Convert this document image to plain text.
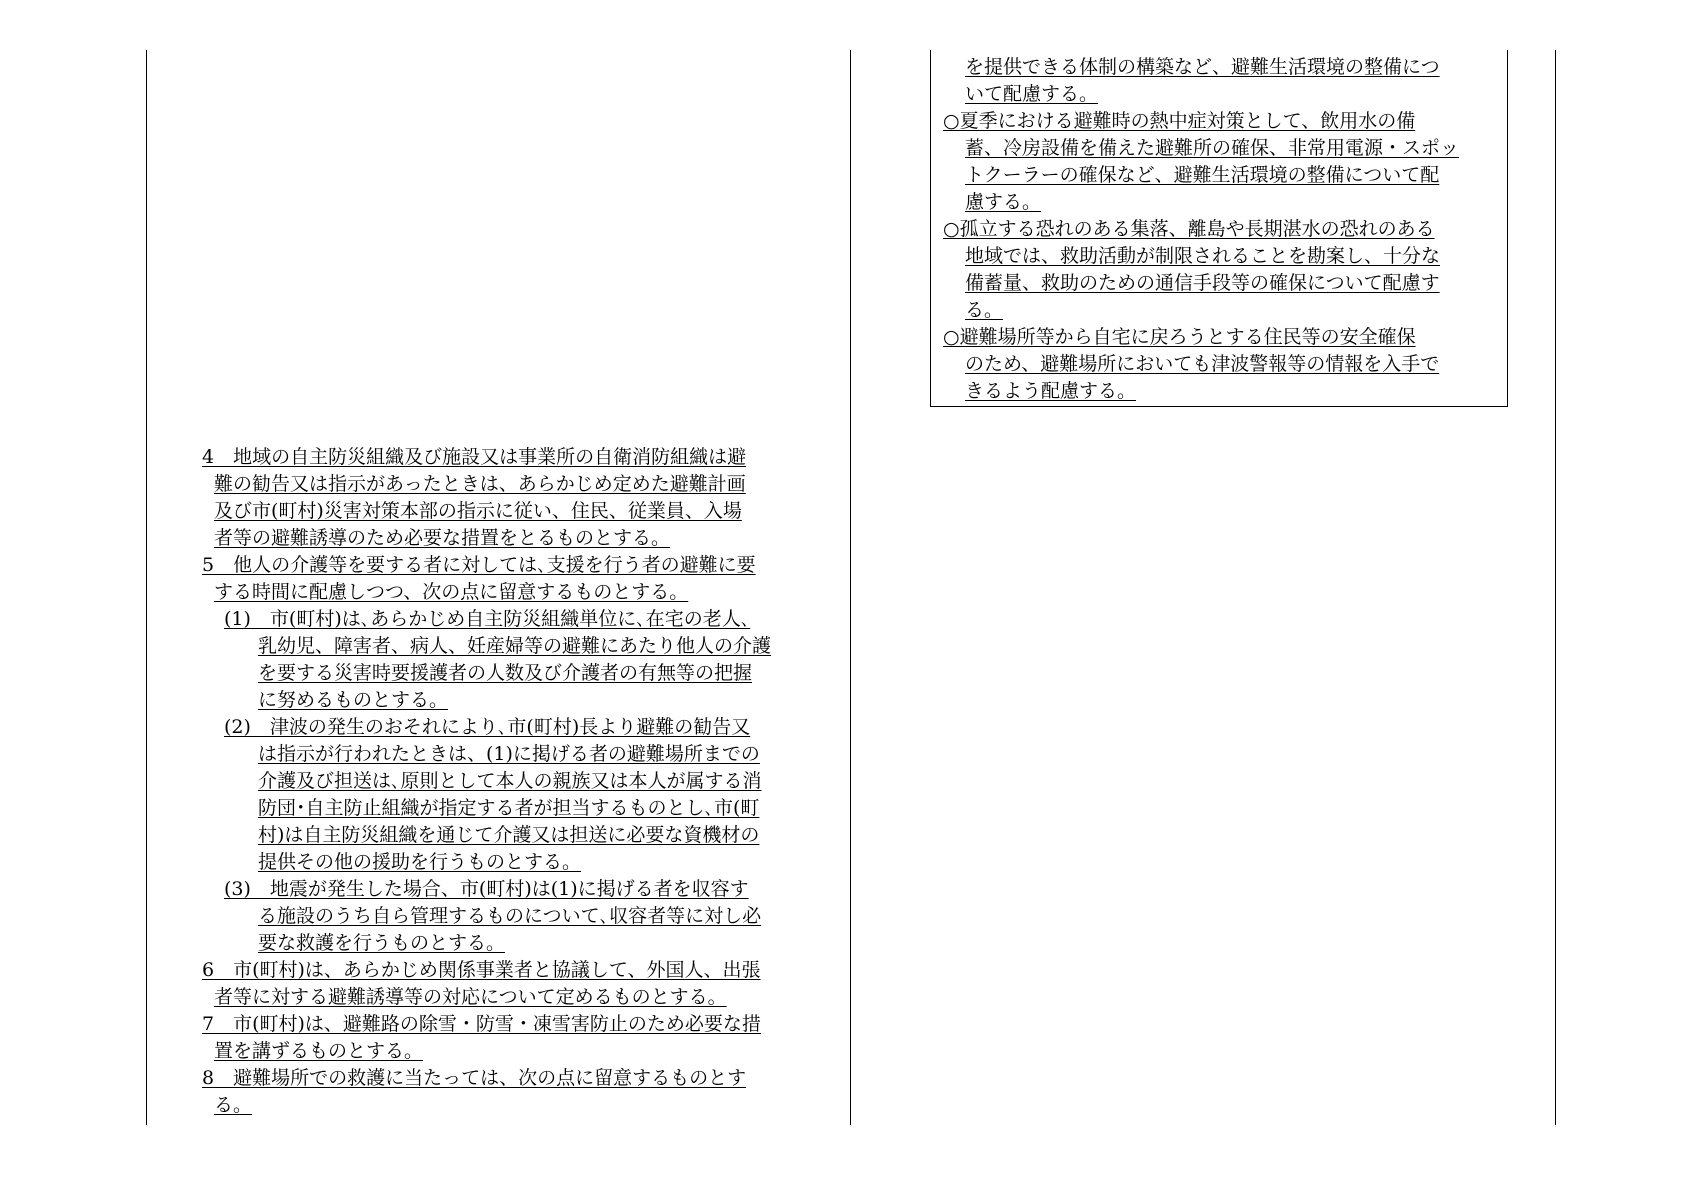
を提供できる体制の構築など、避難生活環境の整備につ
いて配慮する。
○夏季における避難時の熱中症対策として、飲用水の備
蓄、冷房設備を備えた避難所の確保、非常用電源・スポッ
トクーラーの確保など、避難生活環境の整備について配
慮する。
○孤立する恐れのある集落、離島や長期湛水の恐れのある
地域では、救助活動が制限されることを勘案し、十分な
備蓄量、救助のための通信手段等の確保について配慮す
る。
○避難場所等から自宅に戻ろうとする住民等の安全確保
のため、避難場所においても津波警報等の情報を入手で
きるよう配慮する。
4　地域の自主防災組織及び施設又は事業所の自衛消防組織は避
難の勧告又は指示があったときは、あらかじめ定めた避難計画
及び市(町村)災害対策本部の指示に従い、住民、従業員、入場
者等の避難誘導のため必要な措置をとるものとする。
5　他人の介護等を要する者に対しては､支援を行う者の避難に要
する時間に配慮しつつ、次の点に留意するものとする。
(1)　市(町村)は､あらかじめ自主防災組織単位に､在宅の老人､
乳幼児、障害者、病人、妊産婦等の避難にあたり他人の介護
を要する災害時要援護者の人数及び介護者の有無等の把握
に努めるものとする。
(2)　津波の発生のおそれにより､市(町村)長より避難の勧告又
は指示が行われたときは、(1)に掲げる者の避難場所までの
介護及び担送は､原則として本人の親族又は本人が属する消
防団･自主防止組織が指定する者が担当するものとし､市(町
村)は自主防災組織を通じて介護又は担送に必要な資機材の
提供その他の援助を行うものとする。
(3)　地震が発生した場合、市(町村)は(1)に掲げる者を収容す
る施設のうち自ら管理するものについて､収容者等に対し必
要な救護を行うものとする。
6　市(町村)は、あらかじめ関係事業者と協議して、外国人、出張
者等に対する避難誘導等の対応について定めるものとする。
7　市(町村)は、避難路の除雪・防雪・凍雪害防止のため必要な措
置を講ずるものとする。
8　避難場所での救護に当たっては、次の点に留意するものとす
る。
